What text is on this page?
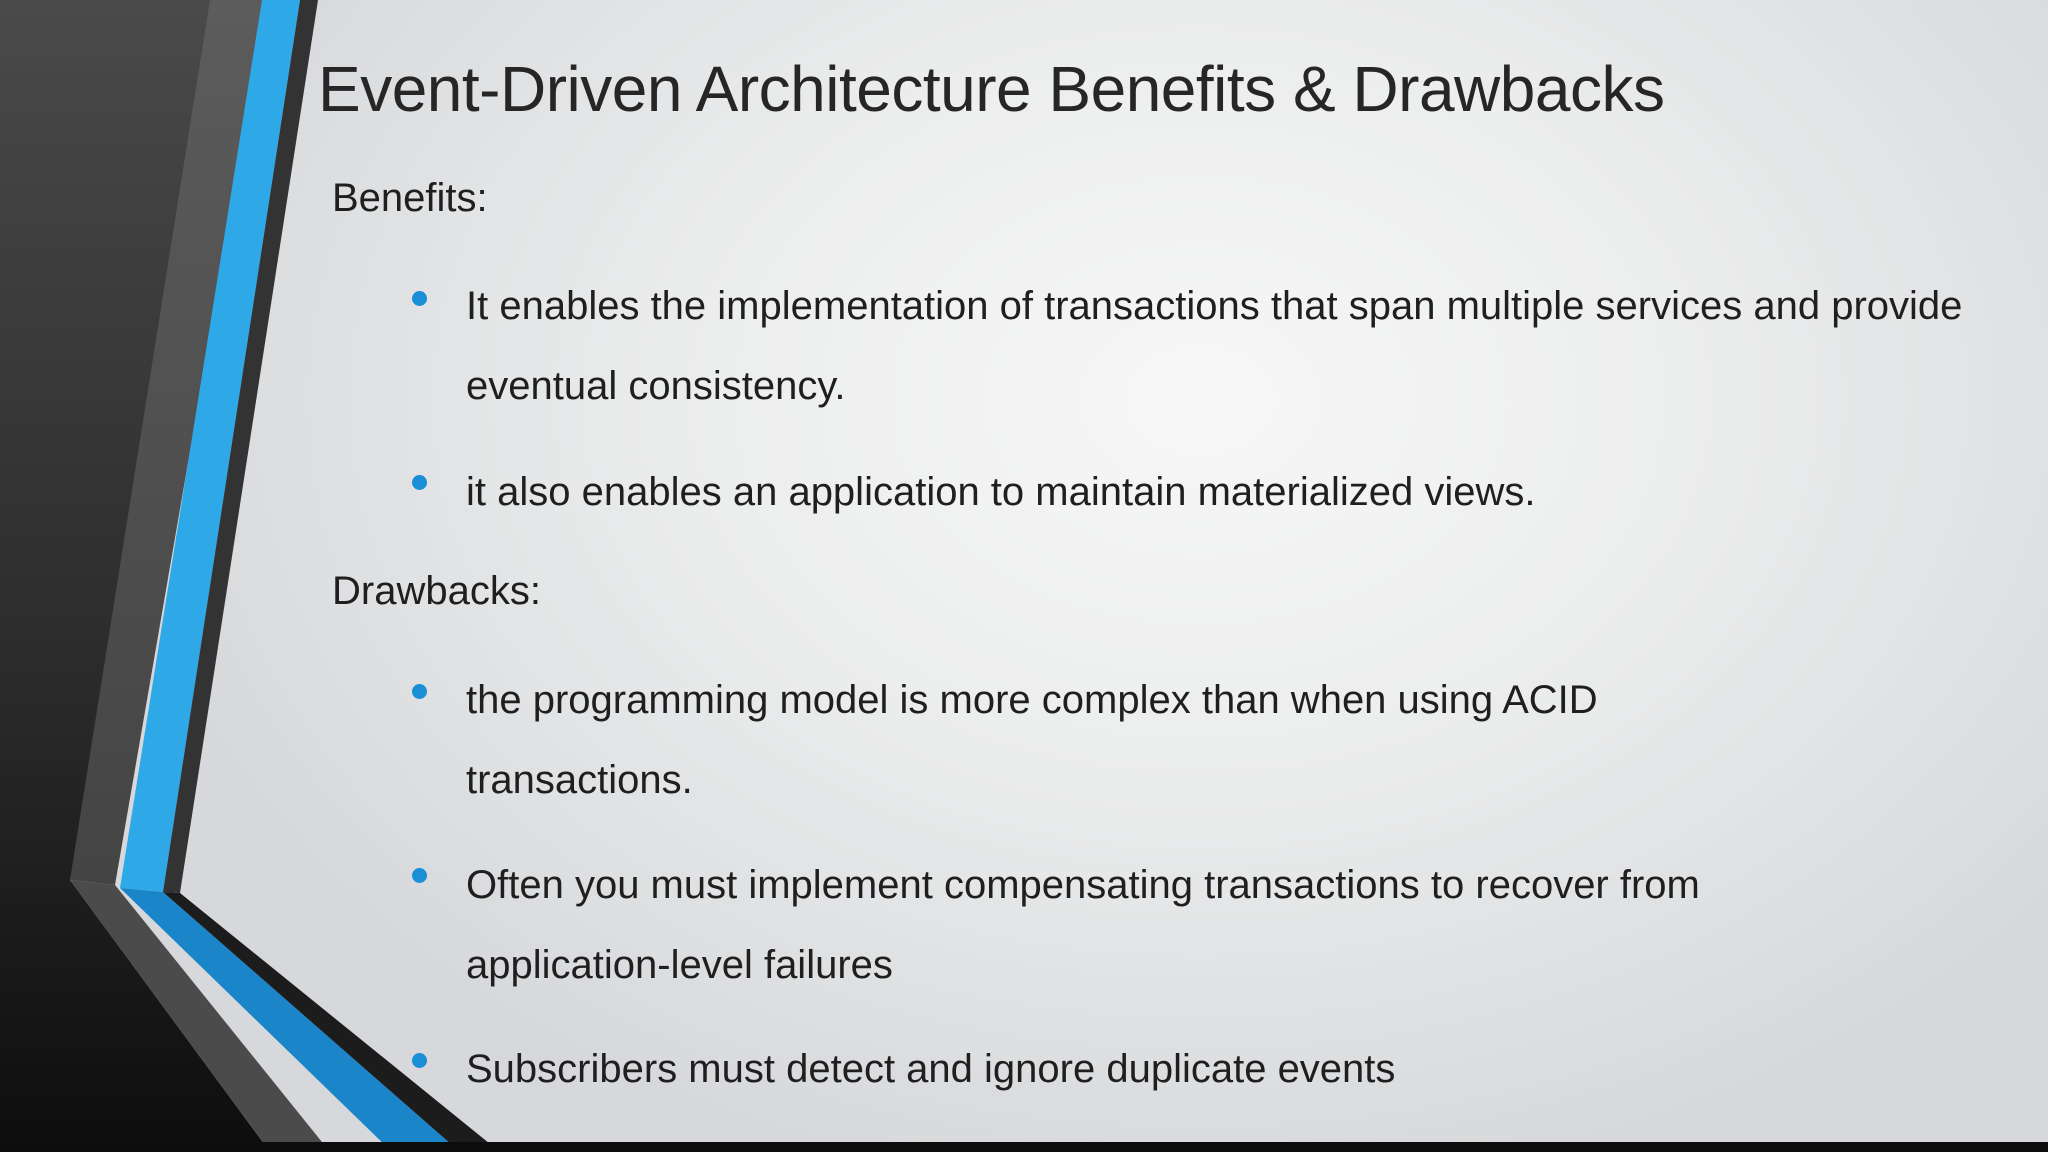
Event-Driven Architecture Benefits & Drawbacks
Benefits:
It enables the implementation of transactions that span multiple services and provide eventual consistency.
it also enables an application to maintain materialized views.
Drawbacks:
the programming model is more complex than when using ACID transactions.
Often you must implement compensating transactions to recover from application-level failures
Subscribers must detect and ignore duplicate events
